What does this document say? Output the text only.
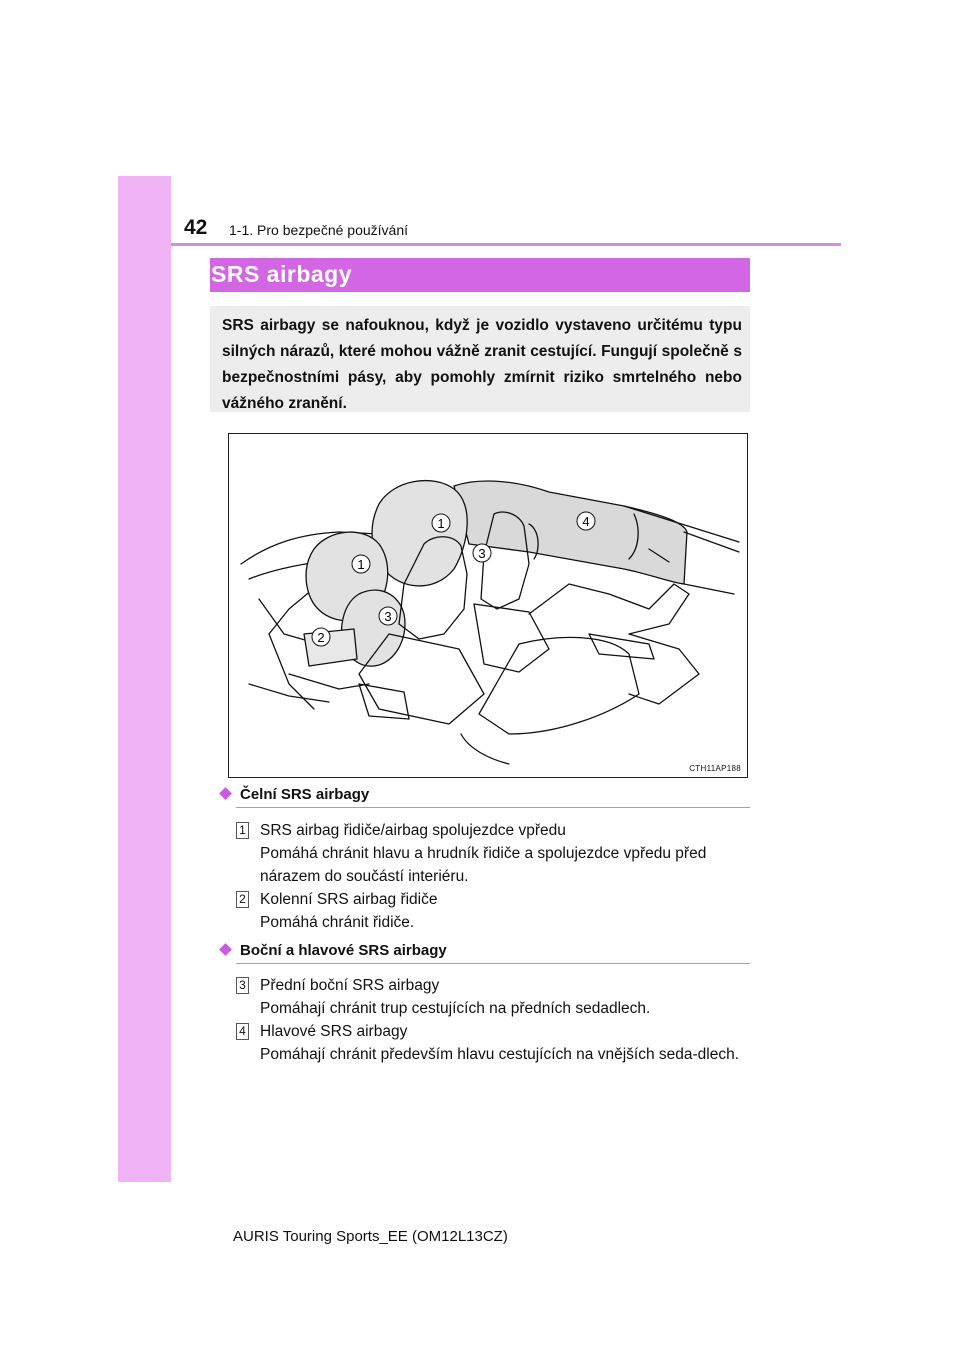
42 1-1. Pro bezpečné používání
SRS airbagy
SRS airbagy se nafouknou, když je vozidlo vystaveno určitému typu silných nárazů, které mohou vážně zranit cestující. Fungují společně s bezpečnostními pásy, aby pomohly zmírnit riziko smrtelného nebo vážného zranění.
1
1
3
3
2
4
CTH11AP188
Čelní SRS airbagy
1 SRS airbag řidiče/airbag spolujezdce vpředu
Pomáhá chránit hlavu a hrudník řidiče a spolujezdce vpředu před nárazem do součástí interiéru.
2 Kolenní SRS airbag řidiče
Pomáhá chránit řidiče.
Boční a hlavové SRS airbagy
3 Přední boční SRS airbagy
Pomáhají chránit trup cestujících na předních sedadlech.
4 Hlavové SRS airbagy
Pomáhají chránit především hlavu cestujících na vnějších seda-dlech.
AURIS Touring Sports_EE (OM12L13CZ)
